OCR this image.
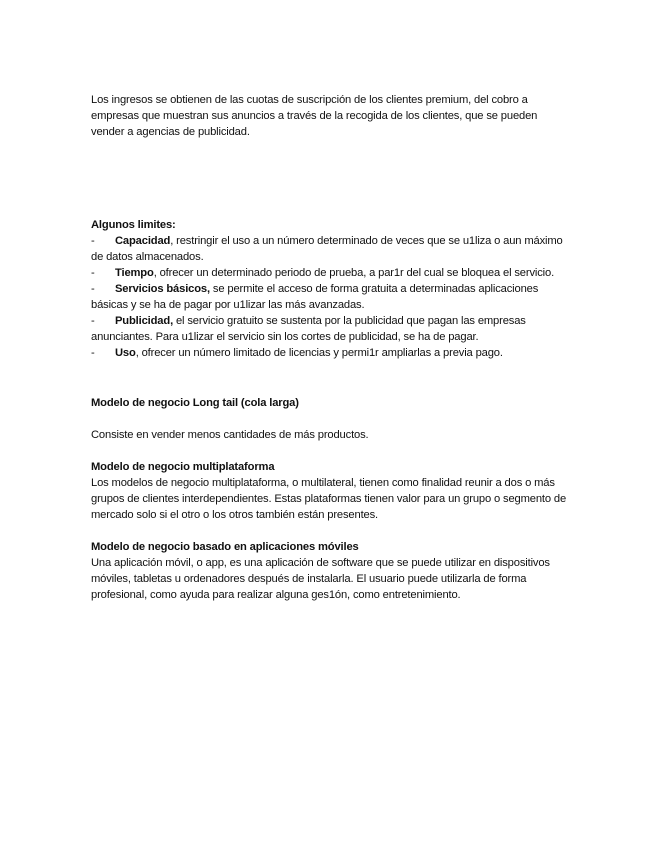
Los ingresos se obtienen de las cuotas de suscripción de los clientes premium, del cobro a empresas que muestran sus anuncios a través de la recogida de los clientes, que se pueden vender a agencias de publicidad.

Algunos limites:

- Capacidad, restringir el uso a un número determinado de veces que se u1liza o aun máximo de datos almacenados.

- Tiempo, ofrecer un determinado periodo de prueba, a par1r del cual se bloquea el servicio.

- Servicios básicos, se permite el acceso de forma gratuita a determinadas aplicaciones básicas y se ha de pagar por u1lizar las más avanzadas.

- Publicidad, el servicio gratuito se sustenta por la publicidad que pagan las empresas anunciantes. Para u1lizar el servicio sin los cortes de publicidad, se ha de pagar.

- Uso, ofrecer un número limitado de licencias y permi1r ampliarlas a previa pago.

Modelo de negocio Long tail (cola larga)

Consiste en vender menos cantidades de más productos.

Modelo de negocio multiplataforma

Los modelos de negocio multiplataforma, o multilateral, tienen como finalidad reunir a dos o más grupos de clientes interdependientes. Estas plataformas tienen valor para un grupo o segmento de mercado solo si el otro o los otros también están presentes.

Modelo de negocio basado en aplicaciones móviles

Una aplicación móvil, o app, es una aplicación de software que se puede utilizar en dispositivos móviles, tabletas u ordenadores después de instalarla. El usuario puede utilizarla de forma profesional, como ayuda para realizar alguna ges1ón, como entretenimiento.
